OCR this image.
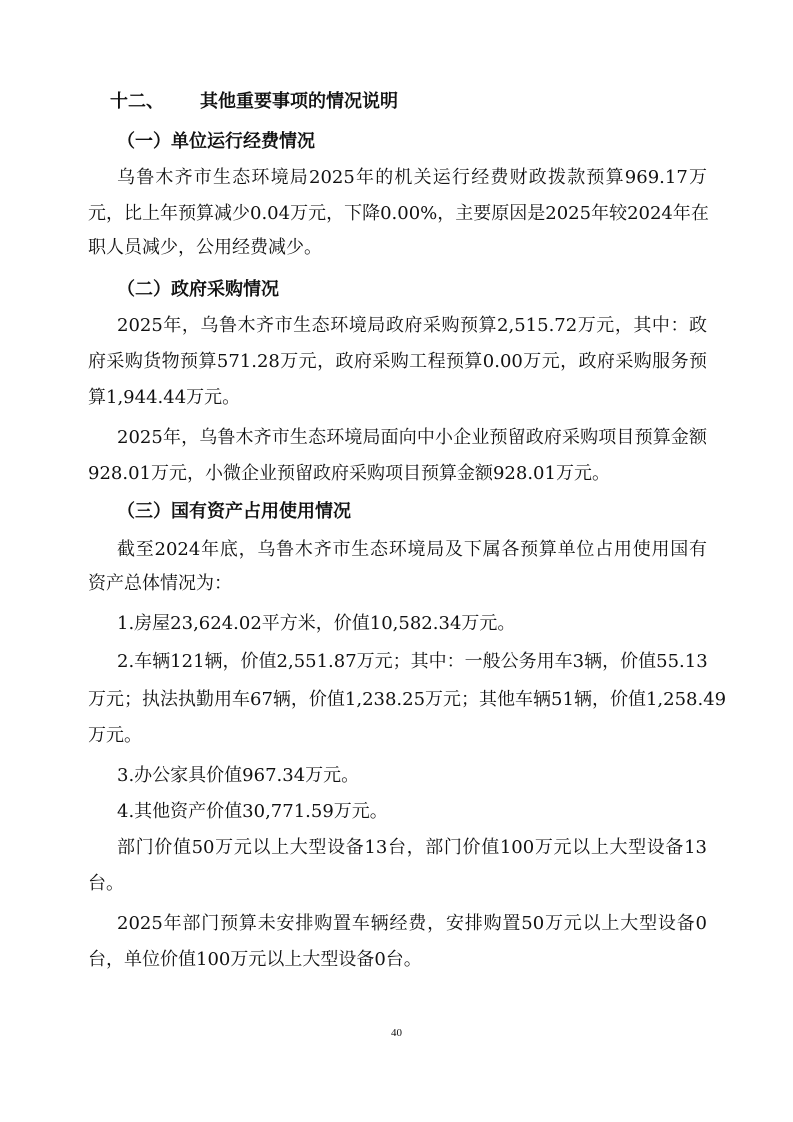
十二、 其他重要事项的情况说明
（一）单位运行经费情况
乌鲁木齐市生态环境局2025年的机关运行经费财政拨款预算969.17万
元，比上年预算减少0.04万元，下降0.00%，主要原因是2025年较2024年在
职人员减少，公用经费减少。
（二）政府采购情况
2025年，乌鲁木齐市生态环境局政府采购预算2,515.72万元，其中：政
府采购货物预算571.28万元，政府采购工程预算0.00万元，政府采购服务预
算1,944.44万元。
2025年，乌鲁木齐市生态环境局面向中小企业预留政府采购项目预算金额
928.01万元，小微企业预留政府采购项目预算金额928.01万元。
（三）国有资产占用使用情况
截至2024年底，乌鲁木齐市生态环境局及下属各预算单位占用使用国有
资产总体情况为：
1.房屋23,624.02平方米，价值10,582.34万元。
2.车辆121辆，价值2,551.87万元；其中：一般公务用车3辆，价值55.13
万元；执法执勤用车67辆，价值1,238.25万元；其他车辆51辆，价值1,258.49
万元。
3.办公家具价值967.34万元。
4.其他资产价值30,771.59万元。
部门价值50万元以上大型设备13台，部门价值100万元以上大型设备13
台。
2025年部门预算未安排购置车辆经费，安排购置50万元以上大型设备0
台，单位价值100万元以上大型设备0台。
40
